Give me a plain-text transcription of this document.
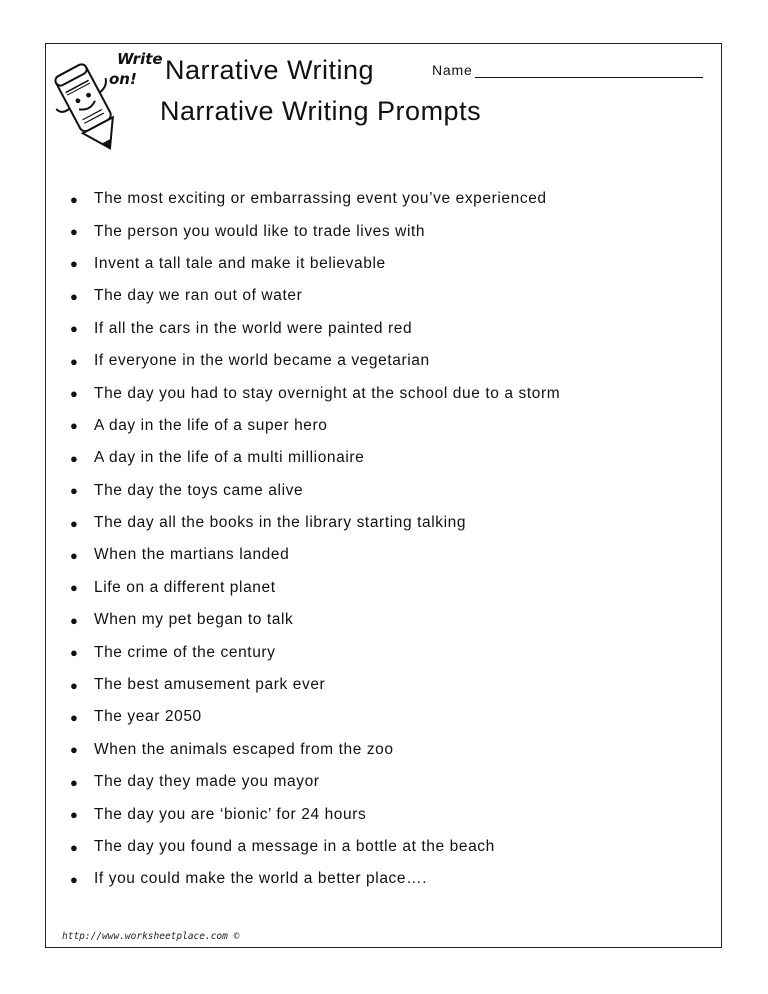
Write
on! Narrative Writing
Narrative Writing Prompts
Name
●	The most exciting or embarrassing event you’ve experienced
●	The person you would like to trade lives with
●	Invent a tall tale and make it believable
●	The day we ran out of water
●	If all the cars in the world were painted red
●	If everyone in the world became a vegetarian
●	The day you had to stay overnight at the school due to a storm
●	A day in the life of a super hero
●	A day in the life of a multi millionaire
●	The day the toys came alive
●	The day all the books in the library starting talking
●	When the martians landed
●	Life on a different planet
●	When my pet began to talk
●	The crime of the century
●	The best amusement park ever
●	The year 2050
●	When the animals escaped from the zoo
●	The day they made you mayor
●	The day you are ‘bionic’ for 24 hours
●	The day you found a message in a bottle at the beach
●	If you could make the world a better place….
http://www.worksheetplace.com ©
